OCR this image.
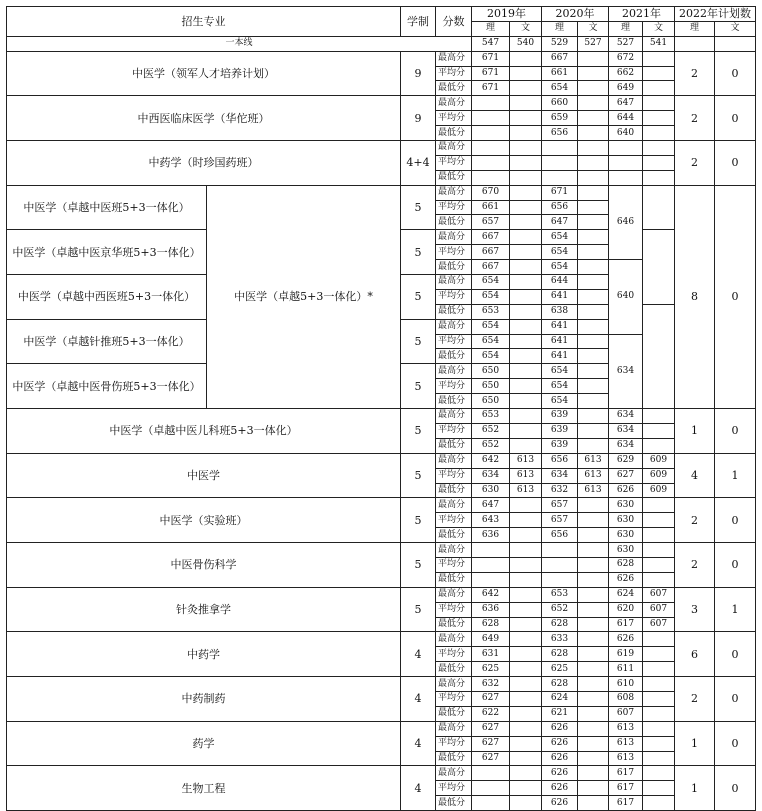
招生专业		学制	分数	2019年		2020年		2021年		2022年计划数	
				理	文	理	文	理	文	理	文
一本线				547	540	529	527	527	541		
中医学（领军人才培养计划）		9	最高分	671		667		672		2	0
			平均分	671		661		662			
			最低分	671		654		649			
中西医临床医学（华佗班）		9	最高分			660		647		2	0
			平均分			659		644			
			最低分			656		640			
中药学（时珍国药班）		4+4	最高分							2	0
			平均分								
			最低分								
中医学（卓越中医班5+3一体化）	中医学（卓越5+3一体化）*	5	最高分	670		671		646		8	0
			平均分	661		656					
			最低分	657		647					
中医学（卓越中医京华班5+3一体化）		5	最高分	667		654					
			平均分	667		654					
			最低分	667		654		640			
中医学（卓越中西医班5+3一体化）		5	最高分	654		644					
			平均分	654		641					
			最低分	653		638					
中医学（卓越针推班5+3一体化）		5	最高分	654		641					
			平均分	654		641		634			
			最低分	654		641					
中医学（卓越中医骨伤班5+3一体化）		5	最高分	650		654					
			平均分	650		654					
			最低分	650		654					
中医学（卓越中医儿科班5+3一体化）		5	最高分	653		639		634		1	0
			平均分	652		639		634			
			最低分	652		639		634			
中医学		5	最高分	642	613	656	613	629	609	4	1
			平均分	634	613	634	613	627	609		
			最低分	630	613	632	613	626	609		
中医学（实验班）		5	最高分	647		657		630		2	0
			平均分	643		657		630			
			最低分	636		656		630			
中医骨伤科学		5	最高分					630		2	0
			平均分					628			
			最低分					626			
针灸推拿学		5	最高分	642		653		624	607	3	1
			平均分	636		652		620	607		
			最低分	628		628		617	607		
中药学		4	最高分	649		633		626		6	0
			平均分	631		628		619			
			最低分	625		625		611			
中药制药		4	最高分	632		628		610		2	0
			平均分	627		624		608			
			最低分	622		621		607			
药学		4	最高分	627		626		613		1	0
			平均分	627		626		613			
			最低分	627		626		613			
生物工程		4	最高分			626		617		1	0
			平均分			626		617			
			最低分			626		617			
